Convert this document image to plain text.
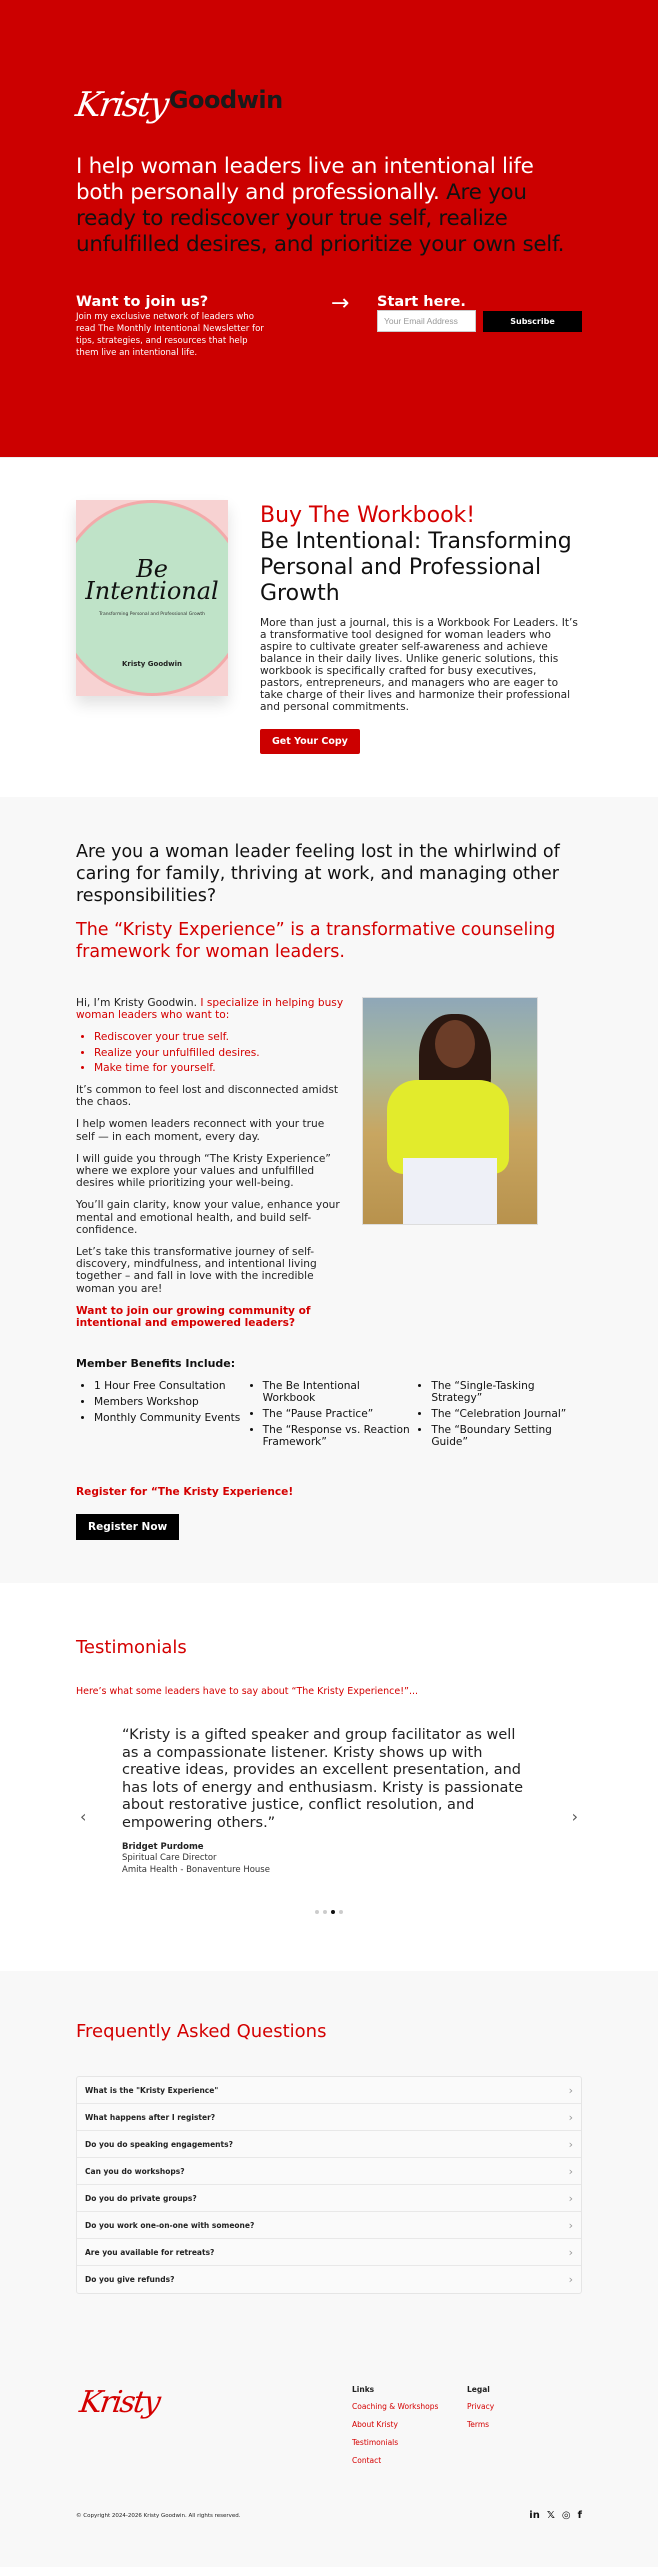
Kristy Goodwin
I help woman leaders live an intentional life both personally and professionally. Are you ready to rediscover your true self, realize unfulfilled desires, and prioritize your own self.
Want to join us?

Join my exclusive network of leaders who read The Monthly Intentional Newsletter for tips, strategies, and resources that help them live an intentional life.

→	Start here.
Your Email Address	Subscribe
Be Intentional
Transforming Personal and Professional Growth
Kristy Goodwin
Buy The Workbook!
Be Intentional: Transforming Personal and Professional Growth

More than just a journal, this is a Workbook For Leaders. It’s a transformative tool designed for woman leaders who aspire to cultivate greater self-awareness and achieve balance in their daily lives. Unlike generic solutions, this workbook is specifically crafted for busy executives, pastors, entrepreneurs, and managers who are eager to take charge of their lives and harmonize their professional and personal commitments.

Get Your Copy
Are you a woman leader feeling lost in the whirlwind of caring for family, thriving at work, and managing other responsibilities?
The “Kristy Experience” is a transformative counseling framework for woman leaders.

Hi, I’m Kristy Goodwin. I specialize in helping busy woman leaders who want to:

• Rediscover your true self.
• Realize your unfulfilled desires.
• Make time for yourself.

It’s common to feel lost and disconnected amidst the chaos.

I help women leaders reconnect with your true self — in each moment, every day.

I will guide you through “The Kristy Experience” where we explore your values and unfulfilled desires while prioritizing your well-being.

You’ll gain clarity, know your value, enhance your mental and emotional health, and build self-confidence.

Let’s take this transformative journey of self-discovery, mindfulness, and intentional living together – and fall in love with the incredible woman you are!

Want to join our growing community of intentional and empowered leaders?
Member Benefits Include:
• 1 Hour Free Consultation
• Members Workshop
• Monthly Community Events
• The Be Intentional Workbook
• The “Pause Practice”
• The “Response vs. Reaction Framework”
• The “Single-Tasking Strategy”
• The “Celebration Journal”
• The “Boundary Setting Guide”
Register for “The Kristy Experience!
Register Now
Testimonials

Here’s what some leaders have to say about “The Kristy Experience!”...

‹

“Kristy is a gifted speaker and group facilitator as well as a compassionate listener. Kristy shows up with creative ideas, provides an excellent presentation, and has lots of energy and enthusiasm. Kristy is passionate about restorative justice, conflict resolution, and empowering others.”

Bridget Purdome

Spiritual Care Director

Amita Health - Bonaventure House

›
Frequently Asked Questions
What is the "Kristy Experience"	›
What happens after I register?	›
Do you do speaking engagements?	›
Can you do workshops?	›
Do you do private groups?	›
Do you work one-on-one with someone?	›
Are you available for retreats?	›
Do you give refunds?	›
Kristy	Links
Coaching & Workshops
About Kristy
Testimonials
Contact
Legal
Privacy
Terms
© Copyright 2024-2026 Kristy Goodwin. All rights reserved.	in 𝕏 ◎ f
